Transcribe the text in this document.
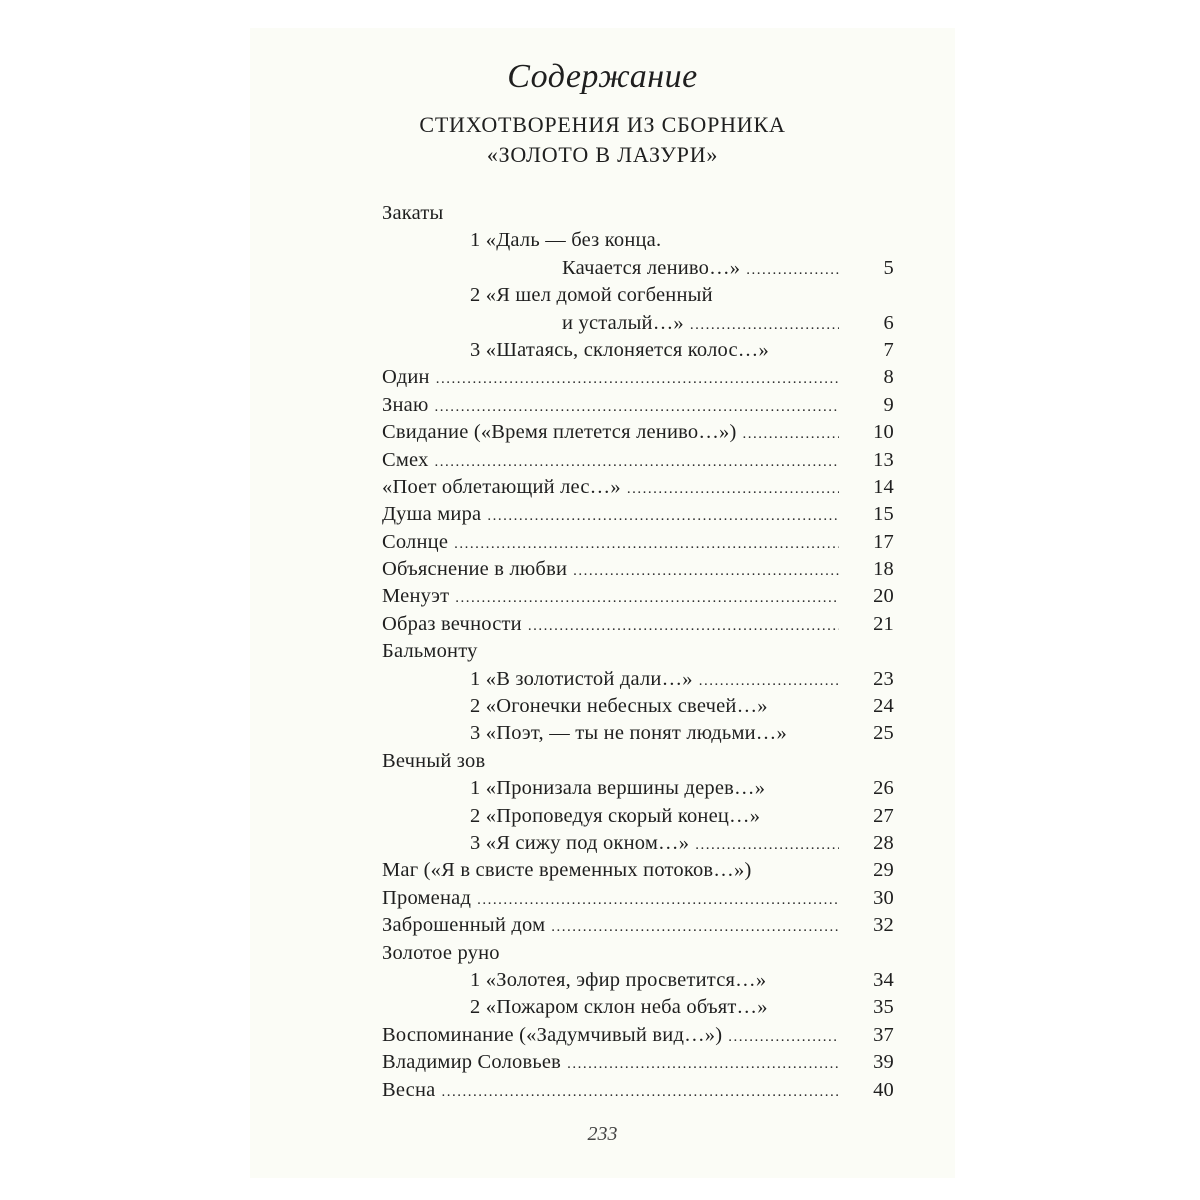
Содержание
СТИХОТВОРЕНИЯ ИЗ СБОРНИКА
«ЗОЛОТО В ЛАЗУРИ»
Закаты
1 «Даль — без конца.
Качается лениво…» .....	5
2 «Я шел домой согбенный
и усталый…» .....	6
3 «Шатаясь, склоняется колос…»	7
Один .....	8
Знаю .....	9
Свидание («Время плетется лениво…») .....	10
Смех .....	13
«Поет облетающий лес…» .....	14
Душа мира .....	15
Солнце .....	17
Объяснение в любви .....	18
Менуэт .....	20
Образ вечности .....	21
Бальмонту
1 «В золотистой дали…» .....	23
2 «Огонечки небесных свечей…»	24
3 «Поэт, — ты не понят людьми…»	25
Вечный зов
1 «Пронизала вершины дерев…»	26
2 «Проповедуя скорый конец…»	27
3 «Я сижу под окном…» .....	28
Маг («Я в свисте временных потоков…»)	29
Променад .....	30
Заброшенный дом .....	32
Золотое руно
1 «Золотея, эфир просветится…»	34
2 «Пожаром склон неба объят…»	35
Воспоминание («Задумчивый вид…») .....	37
Владимир Соловьев .....	39
Весна .....	40
233
